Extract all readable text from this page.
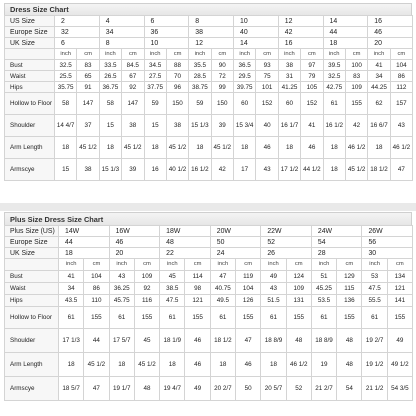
Dress Size Chart
US Size	2		4		6		8		10		12		14		16	
Europe Size	32		34		36		38		40		42		44		46	
UK Size	6		8		10		12		14		16		18		20	
	inch	cm	inch	cm	inch	cm	inch	cm	inch	cm	inch	cm	inch	cm	inch	cm
Bust	32.5	83	33.5	84.5	34.5	88	35.5	90	36.5	93	38	97	39.5	100	41	104
Waist	25.5	65	26.5	67	27.5	70	28.5	72	29.5	75	31	79	32.5	83	34	86
Hips	35.75	91	36.75	92	37.75	96	38.75	99	39.75	101	41.25	105	42.75	109	44.25	112
Hollow to Floor	58	147	58	147	59	150	59	150	60	152	60	152	61	155	62	157
Shoulder	14 4/7	37	15	38	15	38	15 1/3	39	15 3/4	40	16 1/7	41	16 1/2	42	16 6/7	43
Arm Length	18	45 1/2	18	45 1/2	18	45 1/2	18	45 1/2	18	46	18	46	18	46 1/2	18	46 1/2
Armscye	15	38	15 1/3	39	16	40 1/2	16 1/2	42	17	43	17 1/2	44 1/2	18	45 1/2	18 1/2	47
Plus Size Dress Size Chart
Plus Size (US)	14W		16W		18W		20W		22W		24W		26W	
Europe Size	44		46		48		50		52		54		56	
UK Size	18		20		22		24		26		28		30	
	inch	cm	inch	cm	inch	cm	inch	cm	inch	cm	inch	cm	inch	cm
Bust	41	104	43	109	45	114	47	119	49	124	51	129	53	134
Waist	34	86	36.25	92	38.5	98	40.75	104	43	109	45.25	115	47.5	121
Hips	43.5	110	45.75	116	47.5	121	49.5	126	51.5	131	53.5	136	55.5	141
Hollow to Floor	61	155	61	155	61	155	61	155	61	155	61	155	61	155
Shoulder	17 1/3	44	17 5/7	45	18 1/9	46	18 1/2	47	18 8/9	48	18 8/9	48	19 2/7	49
Arm Length	18	45 1/2	18	45 1/2	18	46	18	46	18	46 1/2	19	48	19 1/2	49 1/2
Armscye	18 5/7	47	19 1/7	48	19 4/7	49	20 2/7	50	20 5/7	52	21 2/7	54	21 1/2	54 3/5
